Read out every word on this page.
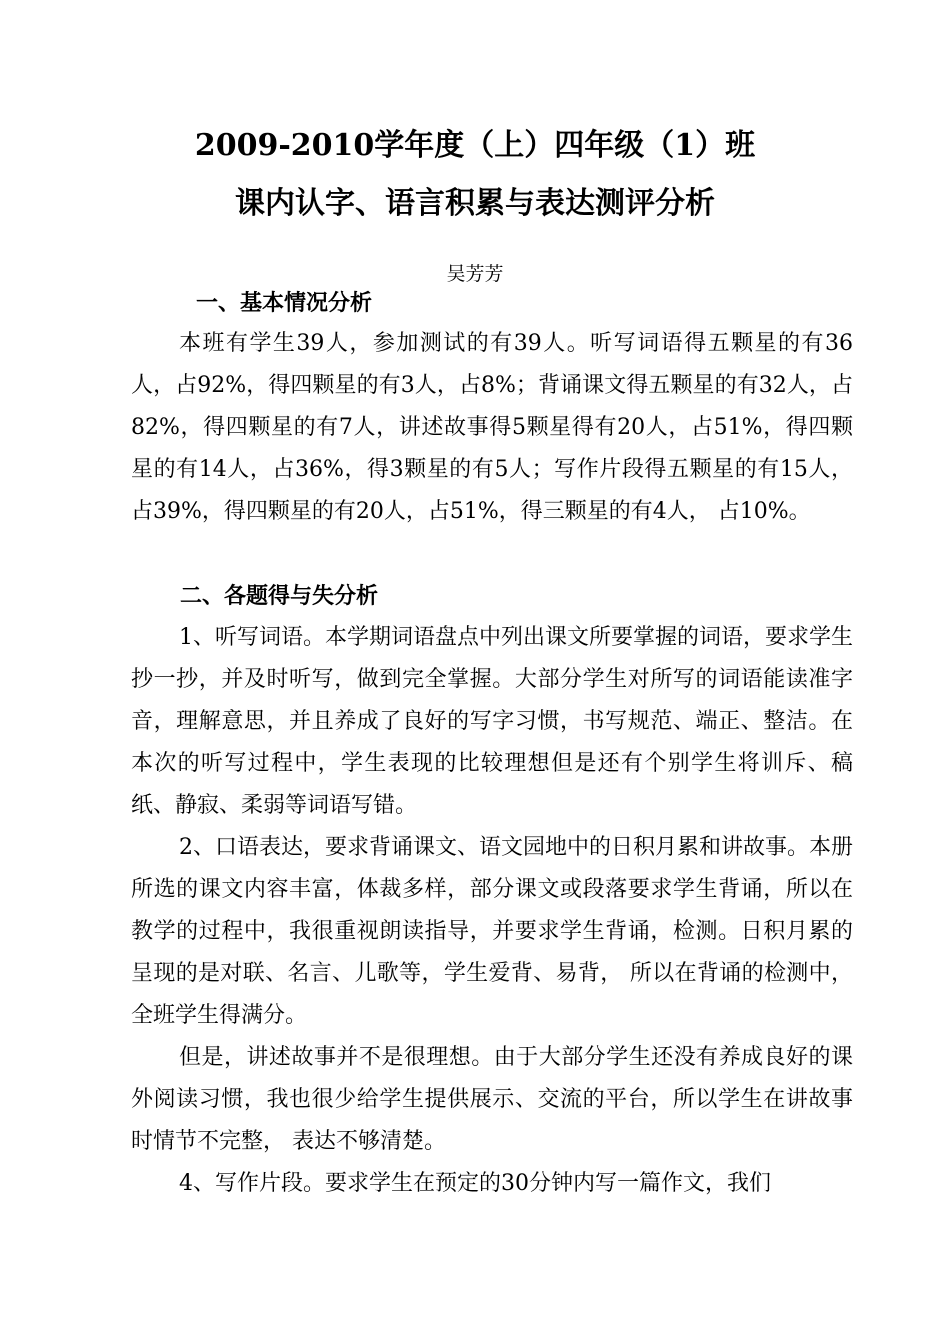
2009-2010学年度（上）四年级（1）班
课内认字、语言积累与表达测评分析
吴芳芳
一、基本情况分析

本班有学生39人，参加测试的有39人。听写词语得五颗星的有36人，占92%，得四颗星的有3人，占8%；背诵课文得五颗星的有32人，占82%，得四颗星的有7人，讲述故事得5颗星得有20人，占51%，得四颗星的有14人，占36%，得3颗星的有5人；写作片段得五颗星的有15人，占39%，得四颗星的有20人，占51%，得三颗星的有4人， 占10%。

二、各题得与失分析

1、听写词语。本学期词语盘点中列出课文所要掌握的词语，要求学生抄一抄，并及时听写，做到完全掌握。大部分学生对所写的词语能读准字音，理解意思，并且养成了良好的写字习惯，书写规范、端正、整洁。在本次的听写过程中，学生表现的比较理想但是还有个别学生将训斥、稿纸、静寂、柔弱等词语写错。

2、口语表达，要求背诵课文、语文园地中的日积月累和讲故事。本册所选的课文内容丰富，体裁多样，部分课文或段落要求学生背诵，所以在教学的过程中，我很重视朗读指导，并要求学生背诵，检测。日积月累的呈现的是对联、名言、儿歌等，学生爱背、易背， 所以在背诵的检测中， 全班学生得满分。

但是，讲述故事并不是很理想。由于大部分学生还没有养成良好的课外阅读习惯，我也很少给学生提供展示、交流的平台，所以学生在讲故事时情节不完整， 表达不够清楚。

4、写作片段。要求学生在预定的30分钟内写一篇作文，我们
